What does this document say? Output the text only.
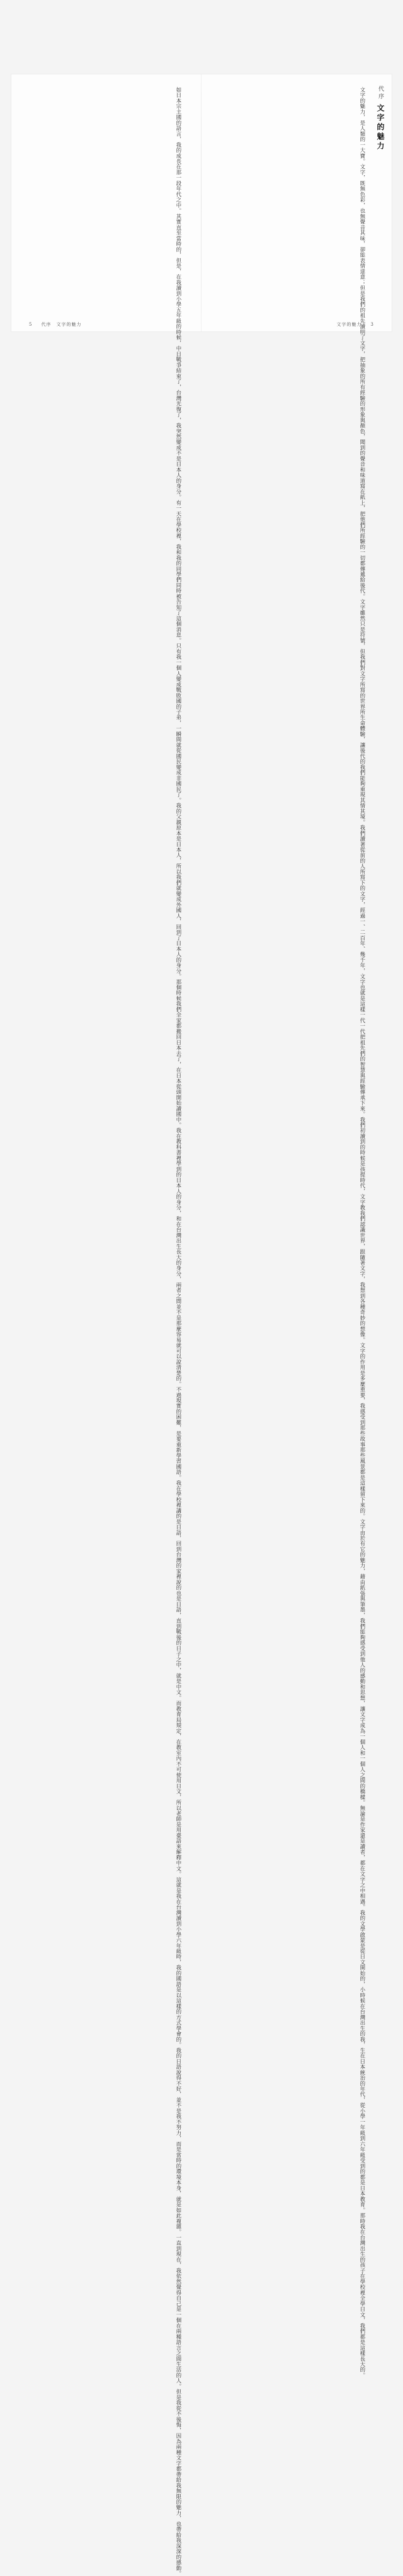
如日本宗主國的語言，我的成長在那一段年代之中。其實直至當時的，但是，在我讀到小學五年級的時候，中日戰爭結束了，台灣光復了，我突然變成不是日本人的身分。有一天在學校裡，我和我的同學們同時被告知了這個消息。只有我一個人變成戰敗國的子弟，一瞬間就從國民變成非國民了。我的父親原本是日本人，所以我們就變成外國人，回到了日本人的身分。那個時候我們全家都搬回日本去了，在日本從頭開始讀國中。我在教科書裡學到的日本人的身分，和在台灣出生長大的身分，兩者之間並不是那麼容易就可以說清楚的。不過現實的困難，是要重新學習國語。我在學校裡講的是日語，回到台灣的家裡說的也是日語，直到戰後的日子之中，就是中文。而教育局規定，在教室內不可使用日文，所以老師是用臺語來解釋中文。這就是我在台灣讀到小學六年級時，我的國語是以這樣的方式學會的。我的日語說得不好，並不是我不努力，而是當時的環境本身，就是如此複雜。一直到現在，我依然覺得自己是一個在兩種語言之間生活的人。但是我從不後悔，因為兩種文字都帶給我無限的魅力，也帶給我深深的感動。
5 代序　文字的魅力
代序 文字的魅力
文字的魅力，是人類的一大寶。文字，既無色彩，也無聲音其味，卻能表情達意；但是我們的祖先讀明了文字，把抽象的所有經驗的形象與顏色，聞到的聲音和味道寫在紙上，把他們所經驗的一切都傳遞給後代。文字雖然只是符號，但我們對文字所寫的世界所生命體驗，讓後代的我們能夠重現其情其境。我們讀著從前的人所寫下的文字，經過一、二百年、幾千年，文字也就是這樣一代一代把祖先們的智慧與經驗傳承下來。我們初讀到的時候是孩提時代，文字教我們認識世界，跟隨著文字，我想到各種奇妙的想像。文字的作用是多麼重要，我感受到那些故事那些風景都是這樣留下來的。文字由於有它的魅力，藉由紙張與筆墨，我們能夠感受到他人的感動和思想，讓文字成為一個人和一個人之間的橋樑。無論是作家還是讀者，都在文字之中相遇。我的文學啟蒙是從日文開始的，小時候在台灣出生的我，生在日本統治的年代，從小學一年級到六年級受到的都是日本教育。那時我在台灣出生的孩子在學校裡全學日文，我們都是這樣長大的。
文字的魅力 3
